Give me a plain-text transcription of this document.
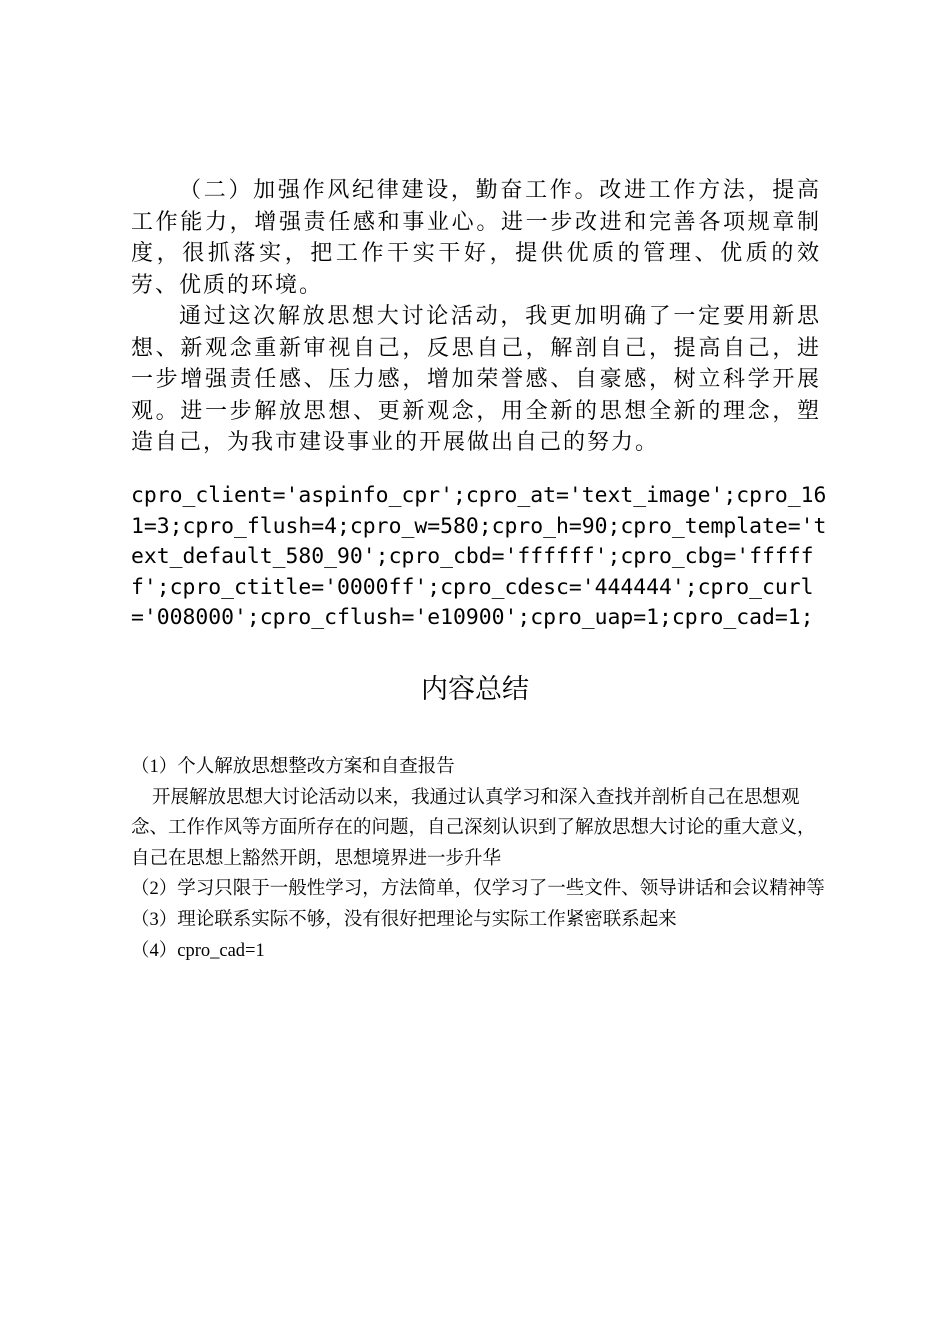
（二）加强作风纪律建设，勤奋工作。改进工作方法，提高工作能力，增强责任感和事业心。进一步改进和完善各项规章制度，很抓落实，把工作干实干好，提供优质的管理、优质的效劳、优质的环境。

通过这次解放思想大讨论活动，我更加明确了一定要用新思想、新观念重新审视自己，反思自己，解剖自己，提高自己，进一步增强责任感、压力感，增加荣誉感、自豪感，树立科学开展观。进一步解放思想、更新观念，用全新的思想全新的理念，塑造自己，为我市建设事业的开展做出自己的努力。

cpro_client='aspinfo_cpr';cpro_at='text_image';cpro_161=3;cpro_flush=4;cpro_w=580;cpro_h=90;cpro_template='text_default_580_90';cpro_cbd='ffffff';cpro_cbg='ffffff';cpro_ctitle='0000ff';cpro_cdesc='444444';cpro_curl='008000';cpro_cflush='e10900';cpro_uap=1;cpro_cad=1;

内容总结

（1）个人解放思想整改方案和自查报告

开展解放思想大讨论活动以来，我通过认真学习和深入查找并剖析自己在思想观念、工作作风等方面所存在的问题，自己深刻认识到了解放思想大讨论的重大意义，自己在思想上豁然开朗，思想境界进一步升华

（2）学习只限于一般性学习，方法简单，仅学习了一些文件、领导讲话和会议精神等

（3）理论联系实际不够，没有很好把理论与实际工作紧密联系起来

（4）cpro_cad=1
